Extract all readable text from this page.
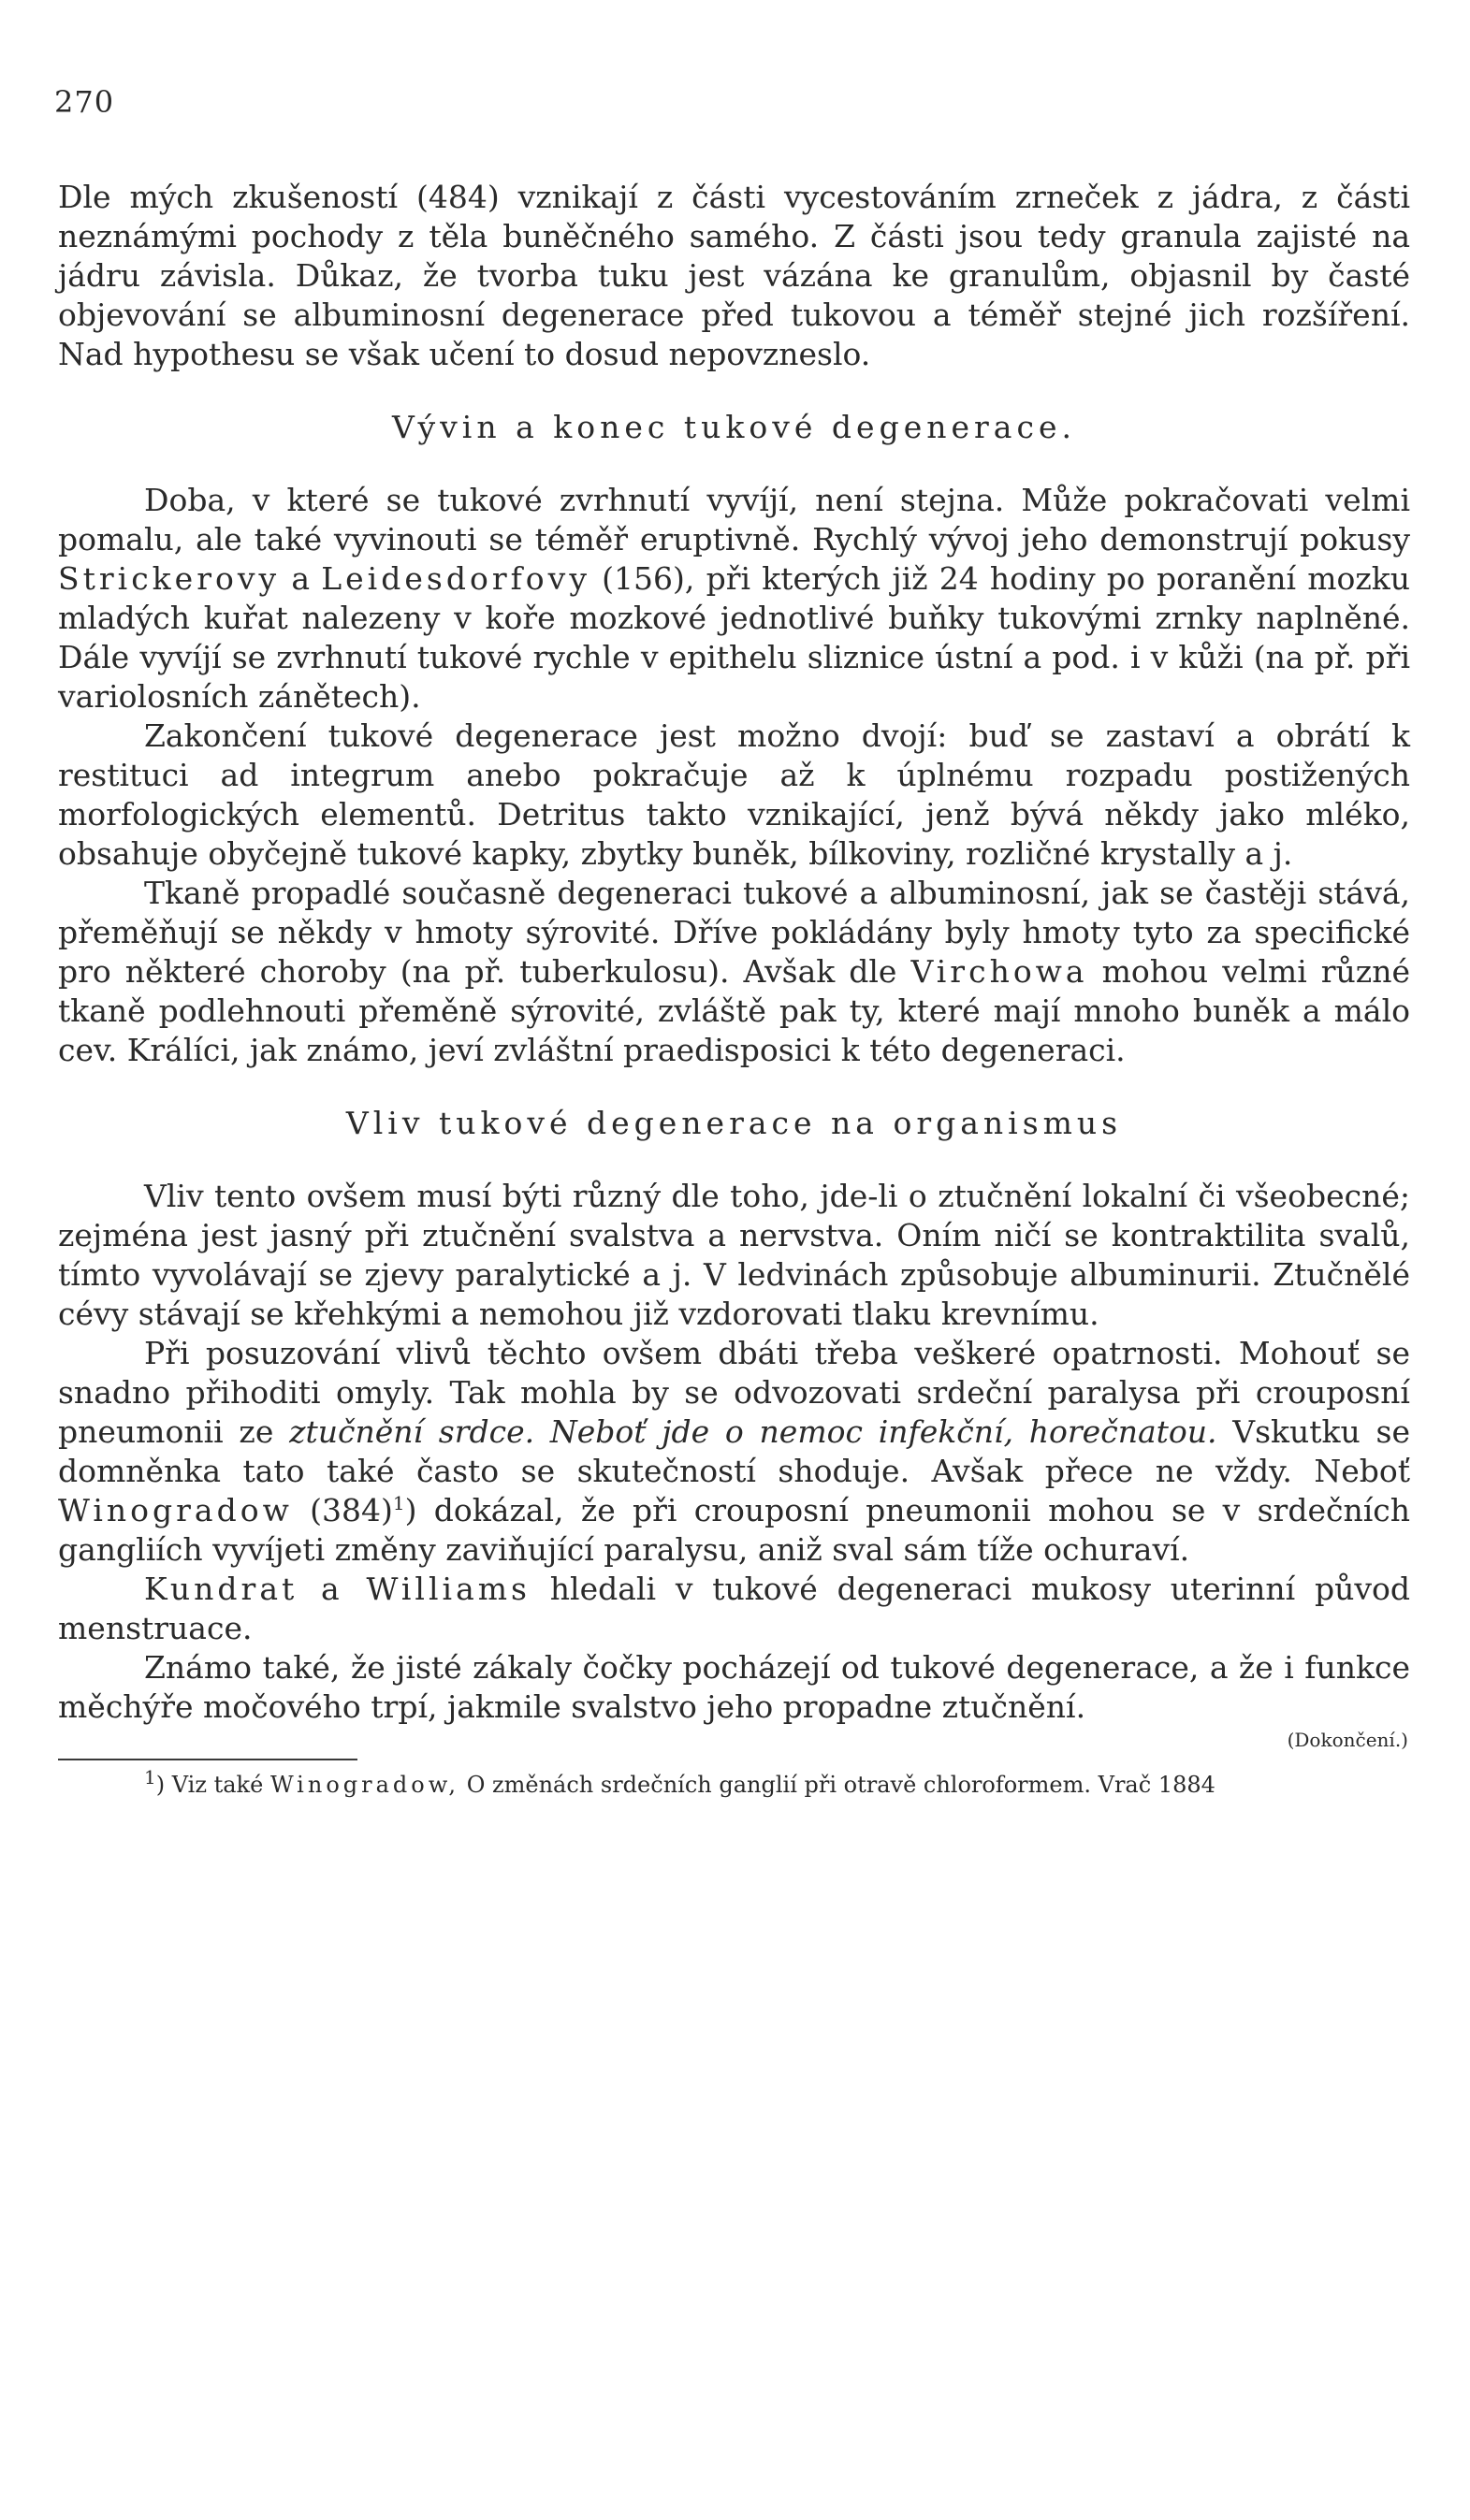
270

Dle mých zkušeností (484) vznikají z části vycestováním zrneček z jádra, z části neznámými pochody z těla buněčného samého. Z části jsou tedy granula zajisté na jádru závisla. Důkaz, že tvorba tuku jest vázána ke granulům, objasnil by časté objevování se albuminosní degenerace před tukovou a téměř stejné jich rozšíření. Nad hypothesu se však učení to dosud nepovzneslo.

Vývin a konec tukové degenerace.

Doba, v které se tukové zvrhnutí vyvíjí, není stejna. Může pokračovati velmi pomalu, ale také vyvinouti se téměř eruptivně. Rychlý vývoj jeho demonstrují pokusy Strickerovy a Leidesdorfovy (156), při kterých již 24 hodiny po poranění mozku mladých kuřat nalezeny v koře mozkové jednotlivé buňky tukovými zrnky naplněné. Dále vyvíjí se zvrhnutí tukové rychle v epithelu sliznice ústní a pod. i v kůži (na př. při variolosních zánětech).

Zakončení tukové degenerace jest možno dvojí: buď se zastaví a obrátí k restituci ad integrum anebo pokračuje až k úplnému rozpadu postižených morfologických elementů. Detritus takto vznikající, jenž bývá někdy jako mléko, obsahuje obyčejně tukové kapky, zbytky buněk, bílkoviny, rozličné krystally a j.

Tkaně propadlé současně degeneraci tukové a albuminosní, jak se častěji stává, přeměňují se někdy v hmoty sýrovité. Dříve pokládány byly hmoty tyto za specifické pro některé choroby (na př. tuberkulosu). Avšak dle Virchowa mohou velmi různé tkaně podlehnouti přeměně sýrovité, zvláště pak ty, které mají mnoho buněk a málo cev. Králíci, jak známo, jeví zvláštní praedisposici k této degeneraci.

Vliv tukové degenerace na organismus

Vliv tento ovšem musí býti různý dle toho, jde-li o ztučnění lokalní či všeobecné; zejména jest jasný při ztučnění svalstva a nervstva. Oním ničí se kontraktilita svalů, tímto vyvolávají se zjevy paralytické a j. V ledvinách způsobuje albuminurii. Ztučnělé cévy stávají se křehkými a nemohou již vzdorovati tlaku krevnímu.

Při posuzování vlivů těchto ovšem dbáti třeba veškeré opatrnosti. Mohouť se snadno přihoditi omyly. Tak mohla by se odvozovati srdeční paralysa při crouposní pneumonii ze ztučnění srdce. Neboť jde o nemoc infekční, horečnatou. Vskutku se domněnka tato také často se skutečností shoduje. Avšak přece ne vždy. Neboť Winogradow $(384)^1$) dokázal, že při crouposní pneumonii mohou se v srdečních gangliích vyvíjeti změny zaviňující paralysu, aniž sval sám tíže ochuraví.

Kundrat a Williams hledali v tukové degeneraci mukosy uterinní původ menstruace.

Známo také, že jisté zákaly čočky pocházejí od tukové degenerace, a že i funkce měchýře močového trpí, jakmile svalstvo jeho propadne ztučnění.

(Dokončení.)

$^1$) Viz také Winogradow, O změnách srdečních ganglií při otravě chloroformem. Vrač 1884
